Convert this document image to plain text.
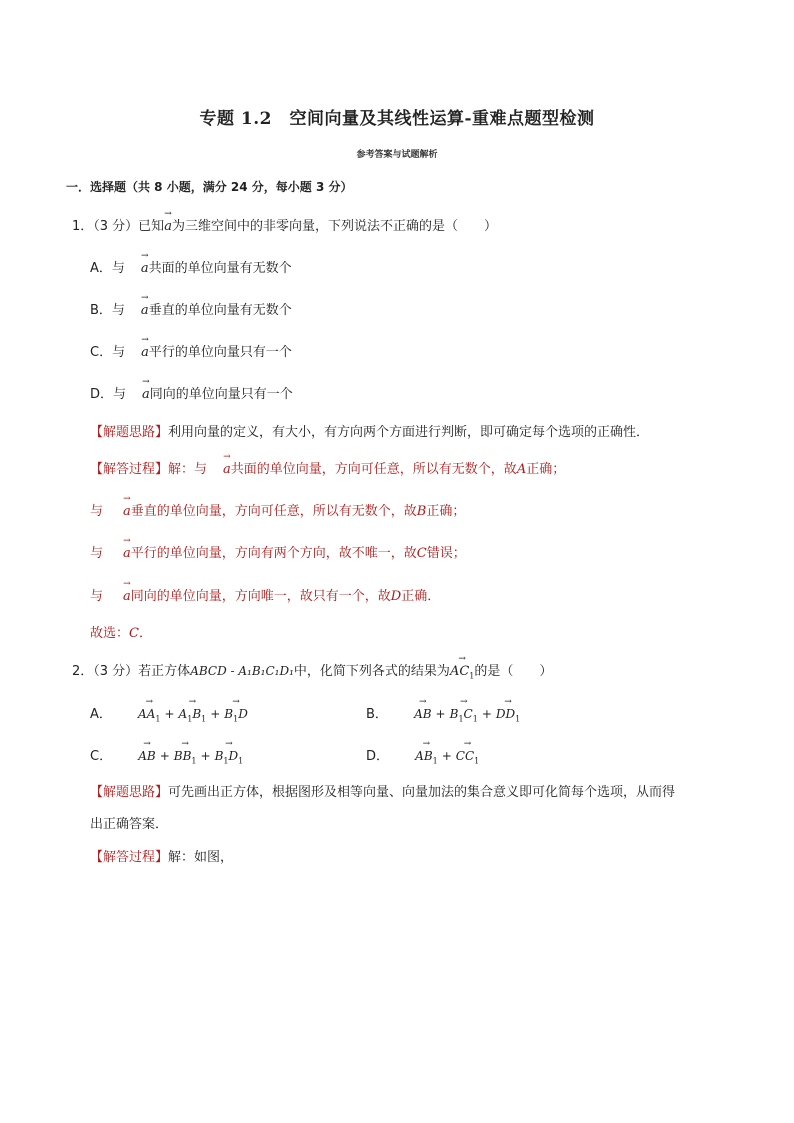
专题 1.2　空间向量及其线性运算-重难点题型检测
参考答案与试题解析
一．选择题（共 8 小题，满分 24 分，每小题 3 分）
1．（3 分）已知→ a为三维空间中的非零向量，下列说法不正确的是（　　）
A．与→ a共面的单位向量有无数个
B．与→ a垂直的单位向量有无数个
C．与→ a平行的单位向量只有一个
D．与→ a同向的单位向量只有一个
【解题思路】利用向量的定义，有大小，有方向两个方面进行判断，即可确定每个选项的正确性．
【解答过程】解：与→ a共面的单位向量，方向可任意，所以有无数个，故A正确；
与→ a垂直的单位向量，方向可任意，所以有无数个，故B正确；
与→ a平行的单位向量，方向有两个方向，故不唯一，故C错误；
与→ a同向的单位向量，方向唯一，故只有一个，故D正确．
故选：C．
2．（3 分）若正方体ABCD - A₁B₁C₁D₁中，化简下列各式的结果为→ $AC_1$的是（　　）
A． → $AA_1 +\to A_1B_1 +\to B_1D$	B． → AB +→ $B_1C_1 +\to DD_1$
C． → AB +→ $BB_1 +\to B_1D_1$	D． → $AB_1 +\to CC_1$
【解题思路】可先画出正方体，根据图形及相等向量、向量加法的集合意义即可化简每个选项，从而得
出正确答案．
【解答过程】解：如图，
